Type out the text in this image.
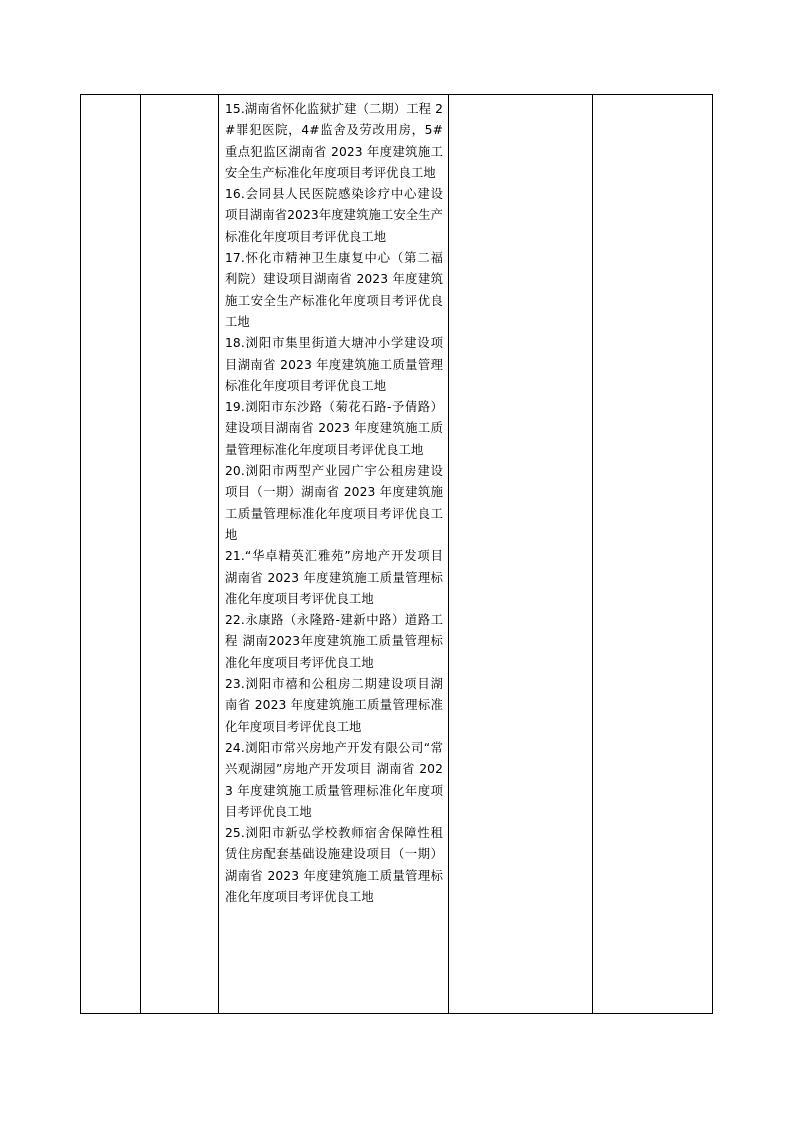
15.湖南省怀化监狱扩建（二期）工程 2#罪犯医院，4#监舍及劳改用房，5#重点犯监区湖南省 2023 年度建筑施工安全生产标准化年度项目考评优良工地

16.会同县人民医院感染诊疗中心建设项目湖南省2023年度建筑施工安全生产标准化年度项目考评优良工地

17.怀化市精神卫生康复中心（第二福利院）建设项目湖南省 2023 年度建筑施工安全生产标准化年度项目考评优良工地

18.浏阳市集里街道大塘冲小学建设项目湖南省 2023 年度建筑施工质量管理标准化年度项目考评优良工地

19.浏阳市东沙路（菊花石路-予倩路）建设项目湖南省 2023 年度建筑施工质量管理标准化年度项目考评优良工地

20.浏阳市两型产业园广宇公租房建设项目（一期）湖南省 2023 年度建筑施工质量管理标准化年度项目考评优良工地

21.“华卓精英汇雅苑”房地产开发项目湖南省 2023 年度建筑施工质量管理标准化年度项目考评优良工地

22.永康路（永隆路-建新中路）道路工程 湖南2023年度建筑施工质量管理标准化年度项目考评优良工地

23.浏阳市禧和公租房二期建设项目湖南省 2023 年度建筑施工质量管理标准化年度项目考评优良工地

24.浏阳市常兴房地产开发有限公司“常兴观湖园”房地产开发项目 湖南省 2023 年度建筑施工质量管理标准化年度项目考评优良工地

25.浏阳市新弘学校教师宿舍保障性租赁住房配套基础设施建设项目（一期）湖南省 2023 年度建筑施工质量管理标准化年度项目考评优良工地
